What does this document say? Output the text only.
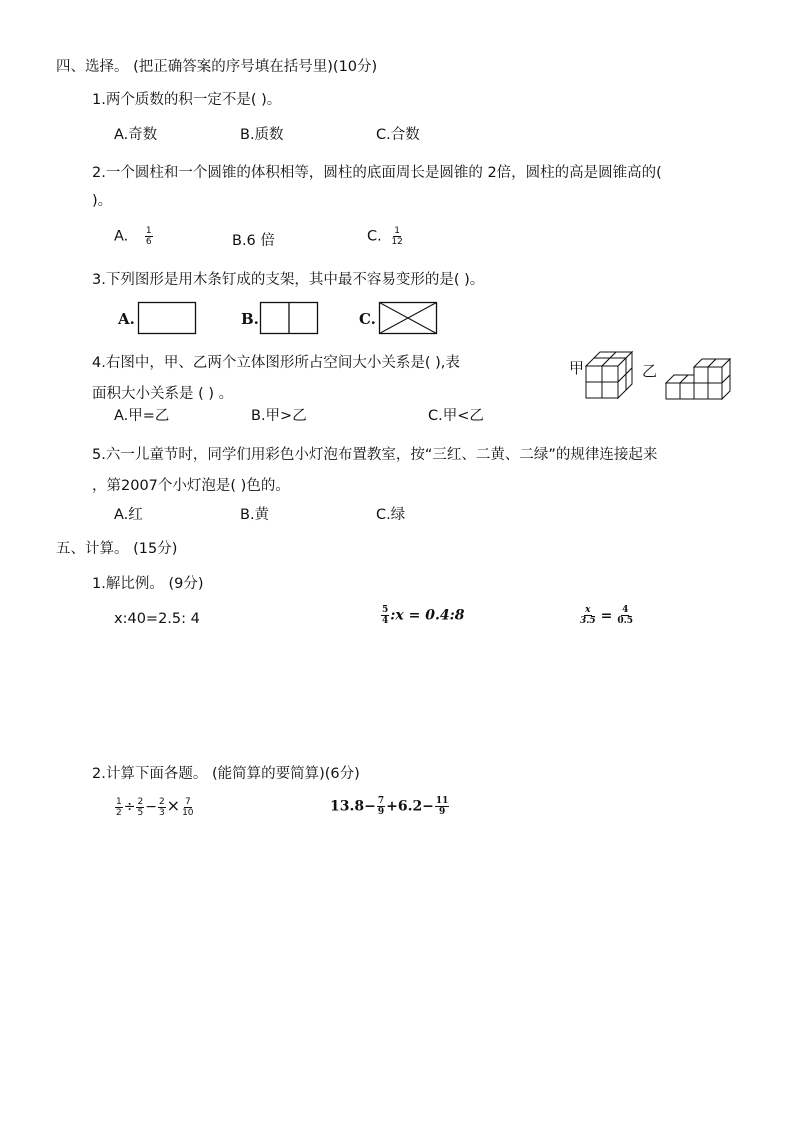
四、选择。 (把正确答案的序号填在括号里)(10分)
1.两个质数的积一定不是( )。
A.奇数	B.质数	C.合数
2.一个圆柱和一个圆锥的体积相等，圆柱的底面周长是圆锥的 2倍，圆柱的高是圆锥高的(
)。
A. $\frac{1}{6}$	B.6 倍	C. $\frac{1}{12}$
3.下列图形是用木条钉成的支架，其中最不容易变形的是( )。
A.	B.	C.
4.右图中，甲、乙两个立体图形所占空间大小关系是( ),表
面积大小关系是 ( ) 。
A.甲=乙	B.甲>乙	C.甲<乙
甲	乙
5.六一儿童节时，同学们用彩色小灯泡布置教室，按“三红、二黄、二绿”的规律连接起来
，第2007个小灯泡是( )色的。
A.红	B.黄	C.绿
五、计算。 (15分)
1.解比例。 (9分)
x:40=2.5: 4	$\frac{5}{4}$ :x = 0.4:8	$\frac{x}{3.5} = \frac{4}{0.5}$
2.计算下面各题。 (能简算的要简算)(6分)
$\frac{1}{2} \div \frac{2}{5} - \frac{2}{3} \times \frac{7}{10}$	$13.8- \frac{7}{9} +6.2- \frac{11}{9}$
